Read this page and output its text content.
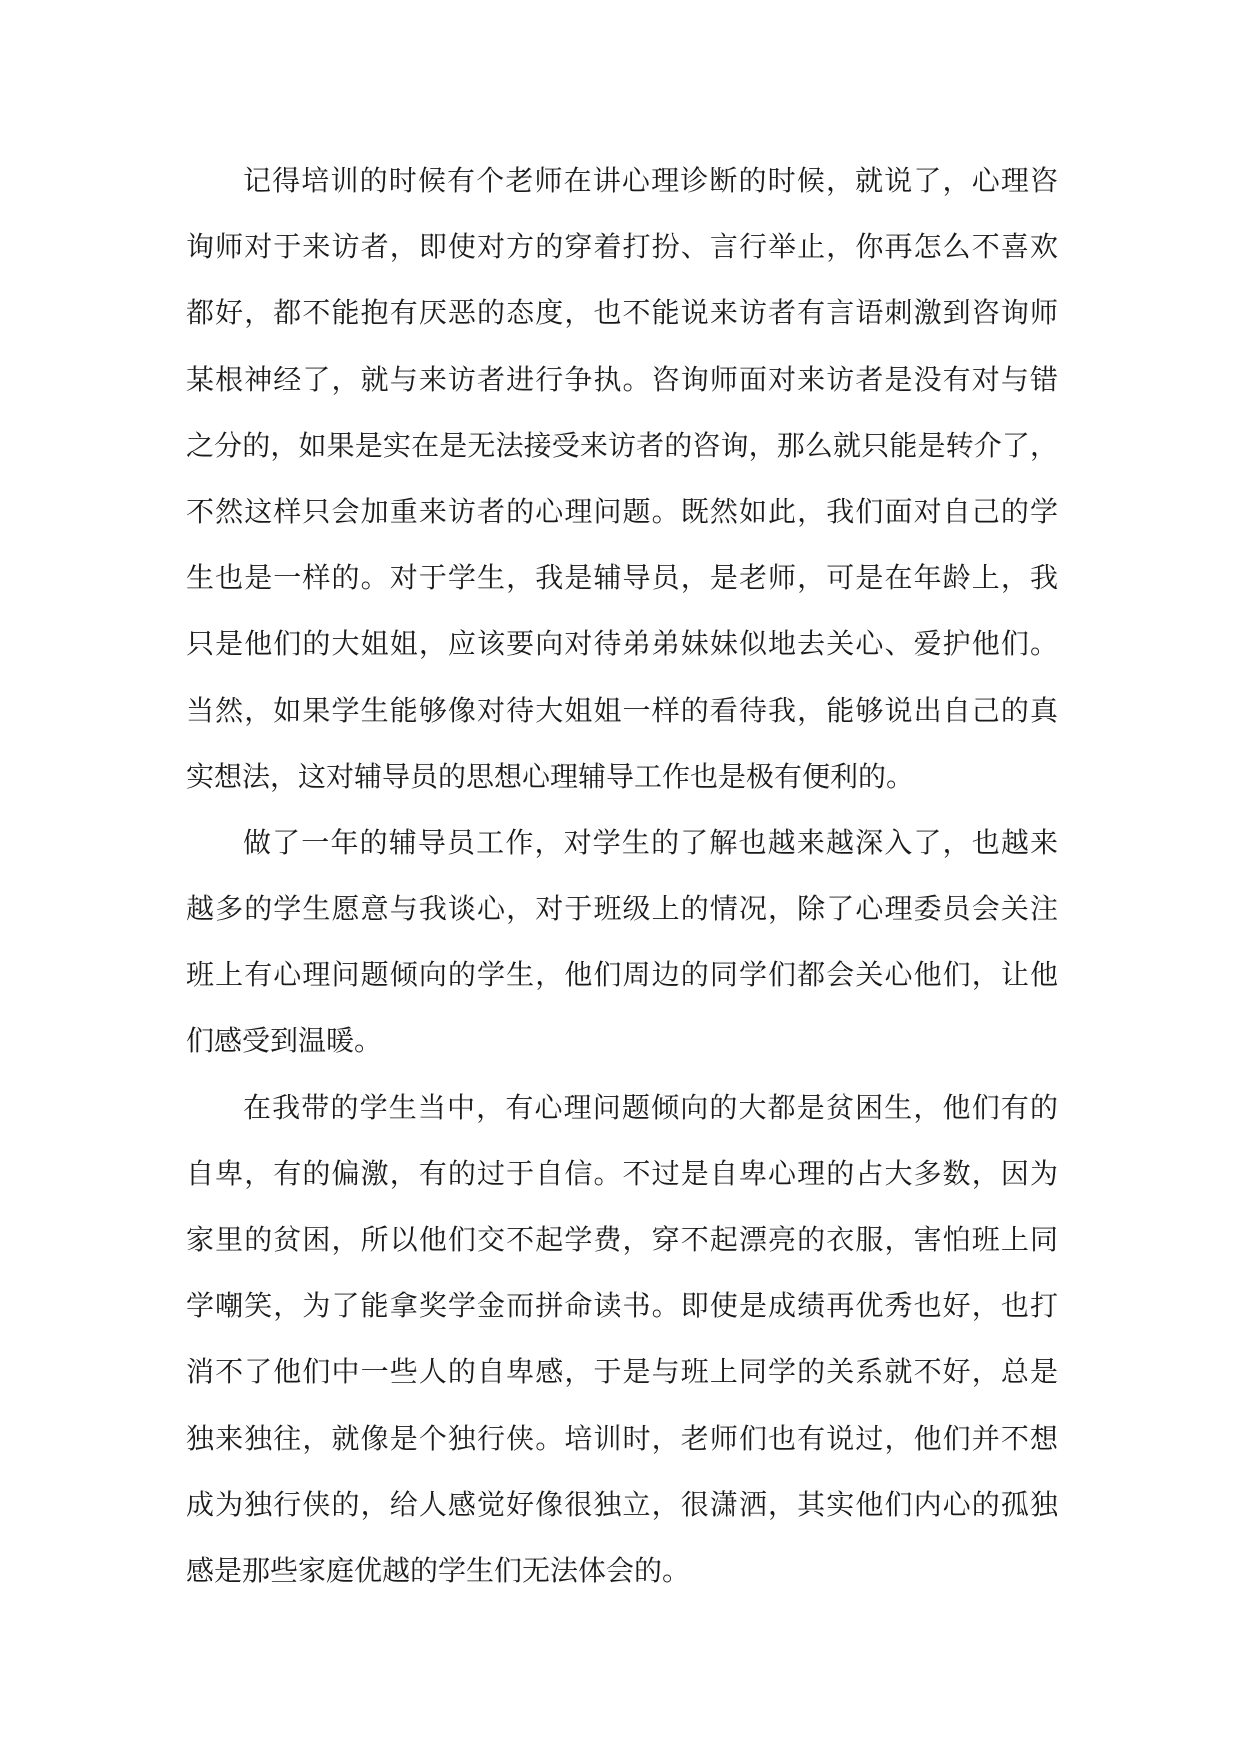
记得培训的时候有个老师在讲心理诊断的时候，就说了，心理咨
询师对于来访者，即使对方的穿着打扮、言行举止，你再怎么不喜欢
都好，都不能抱有厌恶的态度，也不能说来访者有言语刺激到咨询师
某根神经了，就与来访者进行争执。咨询师面对来访者是没有对与错
之分的，如果是实在是无法接受来访者的咨询，那么就只能是转介了，
不然这样只会加重来访者的心理问题。既然如此，我们面对自己的学
生也是一样的。对于学生，我是辅导员，是老师，可是在年龄上，我
只是他们的大姐姐，应该要向对待弟弟妹妹似地去关心、爱护他们。
当然，如果学生能够像对待大姐姐一样的看待我，能够说出自己的真
实想法，这对辅导员的思想心理辅导工作也是极有便利的。
做了一年的辅导员工作，对学生的了解也越来越深入了，也越来
越多的学生愿意与我谈心，对于班级上的情况，除了心理委员会关注
班上有心理问题倾向的学生，他们周边的同学们都会关心他们，让他
们感受到温暖。
在我带的学生当中，有心理问题倾向的大都是贫困生，他们有的
自卑，有的偏激，有的过于自信。不过是自卑心理的占大多数，因为
家里的贫困，所以他们交不起学费，穿不起漂亮的衣服，害怕班上同
学嘲笑，为了能拿奖学金而拼命读书。即使是成绩再优秀也好，也打
消不了他们中一些人的自卑感，于是与班上同学的关系就不好，总是
独来独往，就像是个独行侠。培训时，老师们也有说过，他们并不想
成为独行侠的，给人感觉好像很独立，很潇洒，其实他们内心的孤独
感是那些家庭优越的学生们无法体会的。
